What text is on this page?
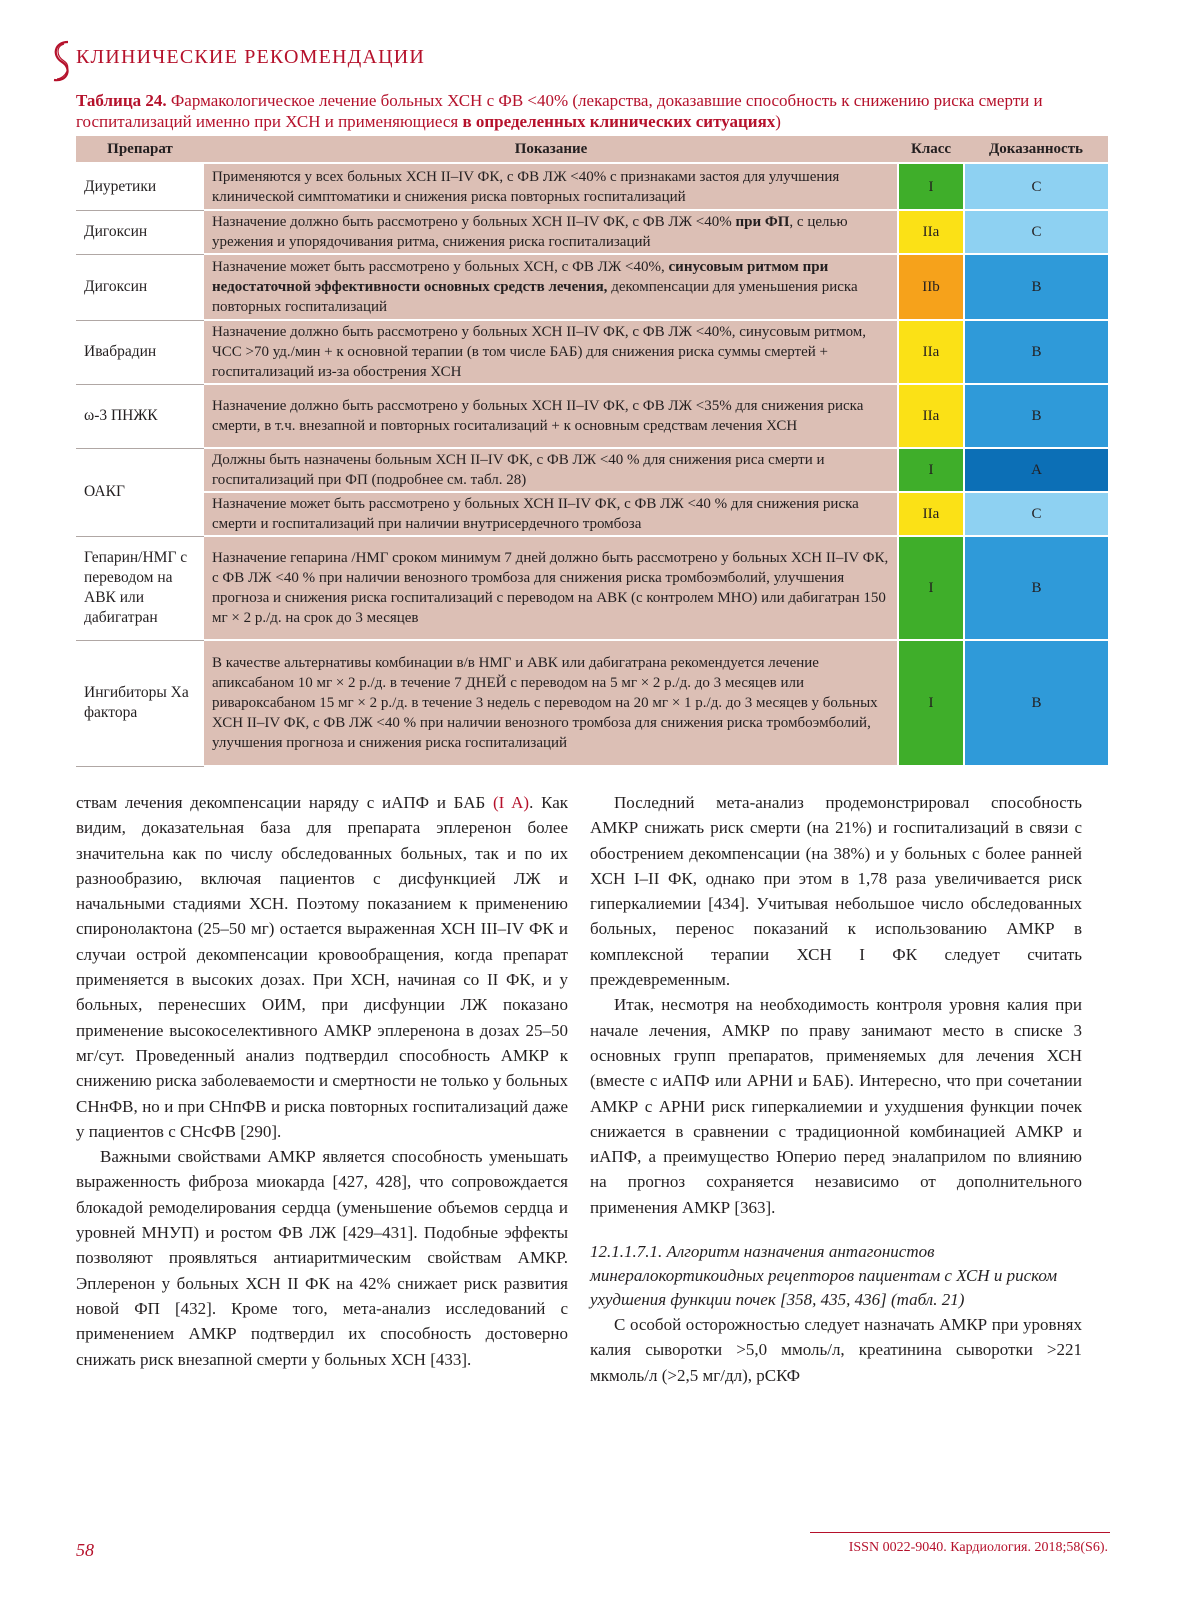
КЛИНИЧЕСКИЕ РЕКОМЕНДАЦИИ
Таблица 24. Фармакологическое лечение больных ХСН с ФВ <40% (лекарства, доказавшие способность к снижению риска смерти и госпитализаций именно при ХСН и применяющиеся в определенных клинических ситуациях)
Препарат	Показание	Класс	Доказанность
Диуретики	Применяются у всех больных ХСН II–IV ФК, с ФВ ЛЖ <40% с признаками застоя для улучшения клинической симптоматики и снижения риска повторных госпитализаций	I	C
Дигоксин	Назначение должно быть рассмотрено у больных ХСН II–IV ФК, с ФВ ЛЖ <40% при ФП, с целью урежения и упорядочивания ритма, снижения риска госпитализаций	IIa	C
Дигоксин	Назначение может быть рассмотрено у больных ХСН, с ФВ ЛЖ <40%, синусовым ритмом при недостаточной эффективности основных средств лечения, декомпенсации для уменьшения риска повторных госпитализаций	IIb	B
Ивабрадин	Назначение должно быть рассмотрено у больных ХСН II–IV ФК, с ФВ ЛЖ <40%, синусовым ритмом, ЧСС >70 уд./мин + к основной терапии (в том числе БАБ) для снижения риска суммы смертей + госпитализаций из-за обострения ХСН	IIa	B
ω-3 ПНЖК	Назначение должно быть рассмотрено у больных ХСН II–IV ФК, с ФВ ЛЖ <35% для снижения риска смерти, в т.ч. внезапной и повторных госитализаций + к основным средствам лечения ХСН	IIa	B
ОАКГ	Должны быть назначены больным ХСН II–IV ФК, с ФВ ЛЖ <40 % для снижения риса смерти и госпитализаций при ФП (подробнее см. табл. 28)	I	A
	Назначение может быть рассмотрено у больных ХСН II–IV ФК, с ФВ ЛЖ <40 % для снижения риска смерти и госпитализаций при наличии внутрисердечного тромбоза	IIa	C
Гепарин/НМГ с переводом на АВК или дабигатран	Назначение гепарина /НМГ сроком минимум 7 дней должно быть рассмотрено у больных ХСН II–IV ФК, с ФВ ЛЖ <40 % при наличии венозного тромбоза для снижения риска тромбоэмболий, улучшения прогноза и снижения риска госпитализаций с переводом на АВК (с контролем МНО) или дабигатран 150 мг × 2 р./д. на срок до 3 месяцев	I	B
Ингибиторы Ха фактора	В качестве альтернативы комбинации в/в НМГ и АВК или дабигатрана рекомендуется лечение апиксабаном 10 мг × 2 р./д. в течение 7 ДНЕЙ с переводом на 5 мг × 2 р./д. до 3 месяцев или ривароксабаном 15 мг × 2 р./д. в течение 3 недель с переводом на 20 мг × 1 р./д. до 3 месяцев у больных ХСН II–IV ФК, с ФВ ЛЖ <40 % при наличии венозного тромбоза для снижения риска тромбоэмболий, улучшения прогноза и снижения риска госпитализаций	I	B

ствам лечения декомпенсации наряду с иАПФ и БАБ (I A). Как видим, доказательная база для препарата эплеренон более значительна как по числу обследованных больных, так и по их разнообразию, включая пациентов с дисфункцией ЛЖ и начальными стадиями ХСН. Поэтому показанием к применению спиронолактона (25–50 мг) остается выраженная ХСН III–IV ФК и случаи острой декомпенсации кровообращения, когда препарат применяется в высоких дозах. При ХСН, начиная со II ФК, и у больных, перенесших ОИМ, при дисфунции ЛЖ показано применение высокоселективного АМКР эплеренона в дозах 25–50 мг/сут. Проведенный анализ подтвердил способность АМКР к снижению риска заболеваемости и смертности не только у больных СНнФВ, но и при СНпФВ и риска повторных госпитализаций даже у пациентов с СНсФВ [290].

Важными свойствами АМКР является способность уменьшать выраженность фиброза миокарда [427, 428], что сопровождается блокадой ремоделирования сердца (уменьшение объемов сердца и уровней МНУП) и ростом ФВ ЛЖ [429–431]. Подобные эффекты позволяют проявляться антиаритмическим свойствам АМКР. Эплеренон у больных ХСН II ФК на 42% снижает риск развития новой ФП [432]. Кроме того, мета-анализ исследований с применением АМКР подтвердил их способность достоверно снижать риск внезапной смерти у больных ХСН [433].

Последний мета-анализ продемонстрировал способность АМКР снижать риск смерти (на 21%) и госпитализаций в связи с обострением декомпенсации (на 38%) и у больных с более ранней ХСН I–II ФК, однако при этом в 1,78 раза увеличивается риск гиперкалиемии [434]. Учитывая небольшое число обследованных больных, перенос показаний к использованию АМКР в комплексной терапии ХСН I ФК следует считать преждевременным.

Итак, несмотря на необходимость контроля уровня калия при начале лечения, АМКР по праву занимают место в списке 3 основных групп препаратов, применяемых для лечения ХСН (вместе с иАПФ или АРНИ и БАБ). Интересно, что при сочетании АМКР с АРНИ риск гиперкалиемии и ухудшения функции почек снижается в сравнении с традиционной комбинацией АМКР и иАПФ, а преимущество Юперио перед эналаприлом по влиянию на прогноз сохраняется независимо от дополнительного применения АМКР [363].

12.1.1.7.1. Алгоритм назначения антагонистов минералокортикоидных рецепторов пациентам с ХСН и риском ухудшения функции почек [358, 435, 436] (табл. 21)

С особой осторожностью следует назначать АМКР при уровнях калия сыворотки >5,0 ммоль/л, креатинина сыворотки >221 мкмоль/л (>2,5 мг/дл), рСКФ

58	ISSN 0022-9040. Кардиология. 2018;58(S6).
